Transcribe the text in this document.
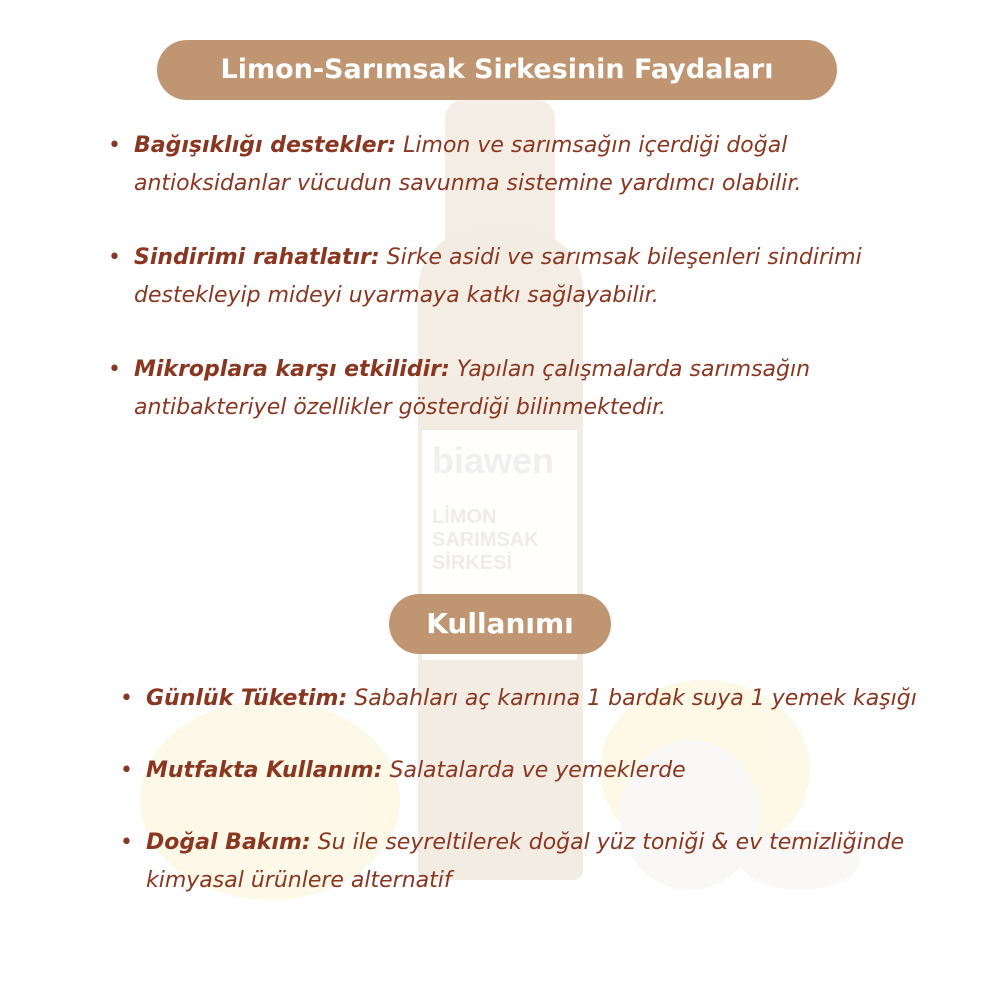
biawen
LİMON SARIMSAK SİRKESİ
Limon-Sarımsak Sirkesinin Faydaları
• Bağışıklığı destekler: Limon ve sarımsağın içerdiği doğal antioksidanlar vücudun savunma sistemine yardımcı olabilir.
• Sindirimi rahatlatır: Sirke asidi ve sarımsak bileşenleri sindirimi destekleyip mideyi uyarmaya katkı sağlayabilir.
• Mikroplara karşı etkilidir: Yapılan çalışmalarda sarımsağın antibakteriyel özellikler gösterdiği bilinmektedir.
Kullanımı
• Günlük Tüketim: Sabahları aç karnına 1 bardak suya 1 yemek kaşığı
• Mutfakta Kullanım: Salatalarda ve yemeklerde
• Doğal Bakım: Su ile seyreltilerek doğal yüz toniği & ev temizliğinde kimyasal ürünlere alternatif
